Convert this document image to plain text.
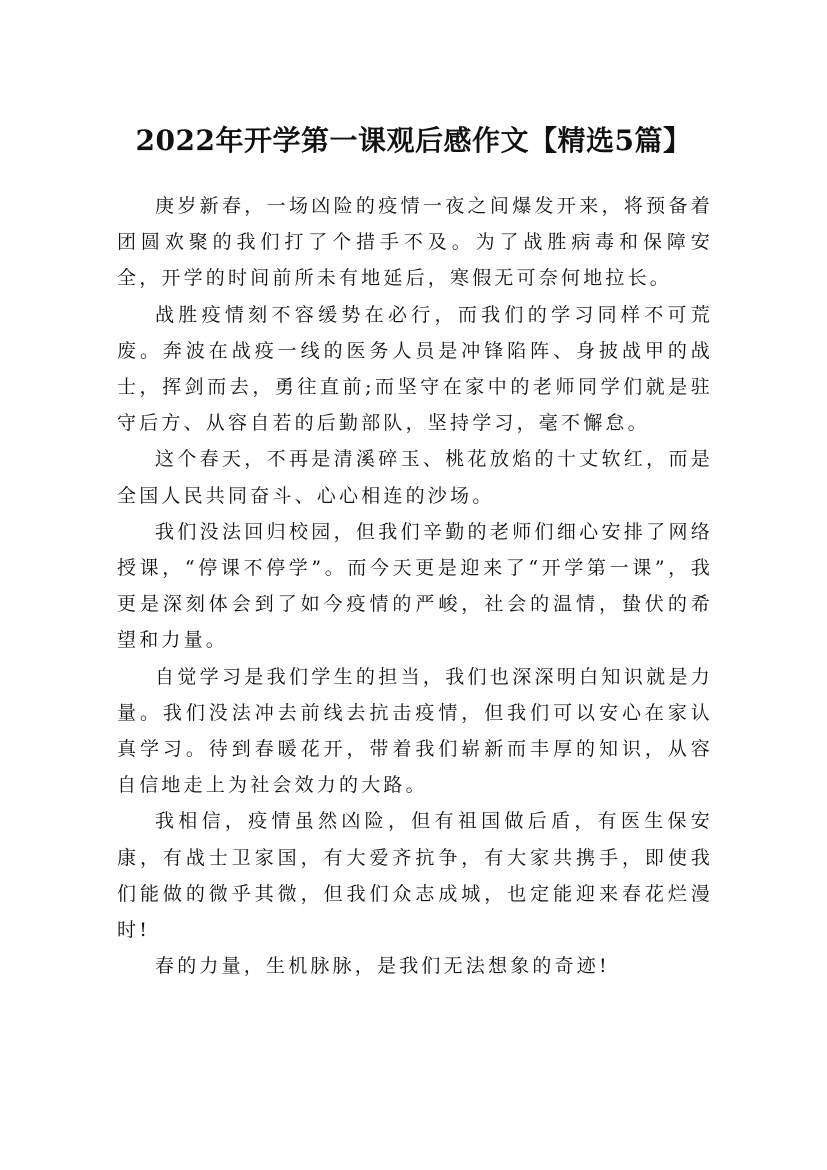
2022年开学第一课观后感作文【精选5篇】

庚岁新春，一场凶险的疫情一夜之间爆发开来，将预备着团圆欢聚的我们打了个措手不及。为了战胜病毒和保障安全，开学的时间前所未有地延后，寒假无可奈何地拉长。

战胜疫情刻不容缓势在必行，而我们的学习同样不可荒废。奔波在战疫一线的医务人员是冲锋陷阵、身披战甲的战士，挥剑而去，勇往直前;而坚守在家中的老师同学们就是驻守后方、从容自若的后勤部队，坚持学习，毫不懈怠。

这个春天，不再是清溪碎玉、桃花放焰的十丈软红，而是全国人民共同奋斗、心心相连的沙场。

我们没法回归校园，但我们辛勤的老师们细心安排了网络授课，“停课不停学”。而今天更是迎来了“开学第一课”，我更是深刻体会到了如今疫情的严峻，社会的温情，蛰伏的希望和力量。

自觉学习是我们学生的担当，我们也深深明白知识就是力量。我们没法冲去前线去抗击疫情，但我们可以安心在家认真学习。待到春暖花开，带着我们崭新而丰厚的知识，从容自信地走上为社会效力的大路。

我相信，疫情虽然凶险，但有祖国做后盾，有医生保安康，有战士卫家国，有大爱齐抗争，有大家共携手，即使我们能做的微乎其微，但我们众志成城，也定能迎来春花烂漫时!

春的力量，生机脉脉，是我们无法想象的奇迹!
